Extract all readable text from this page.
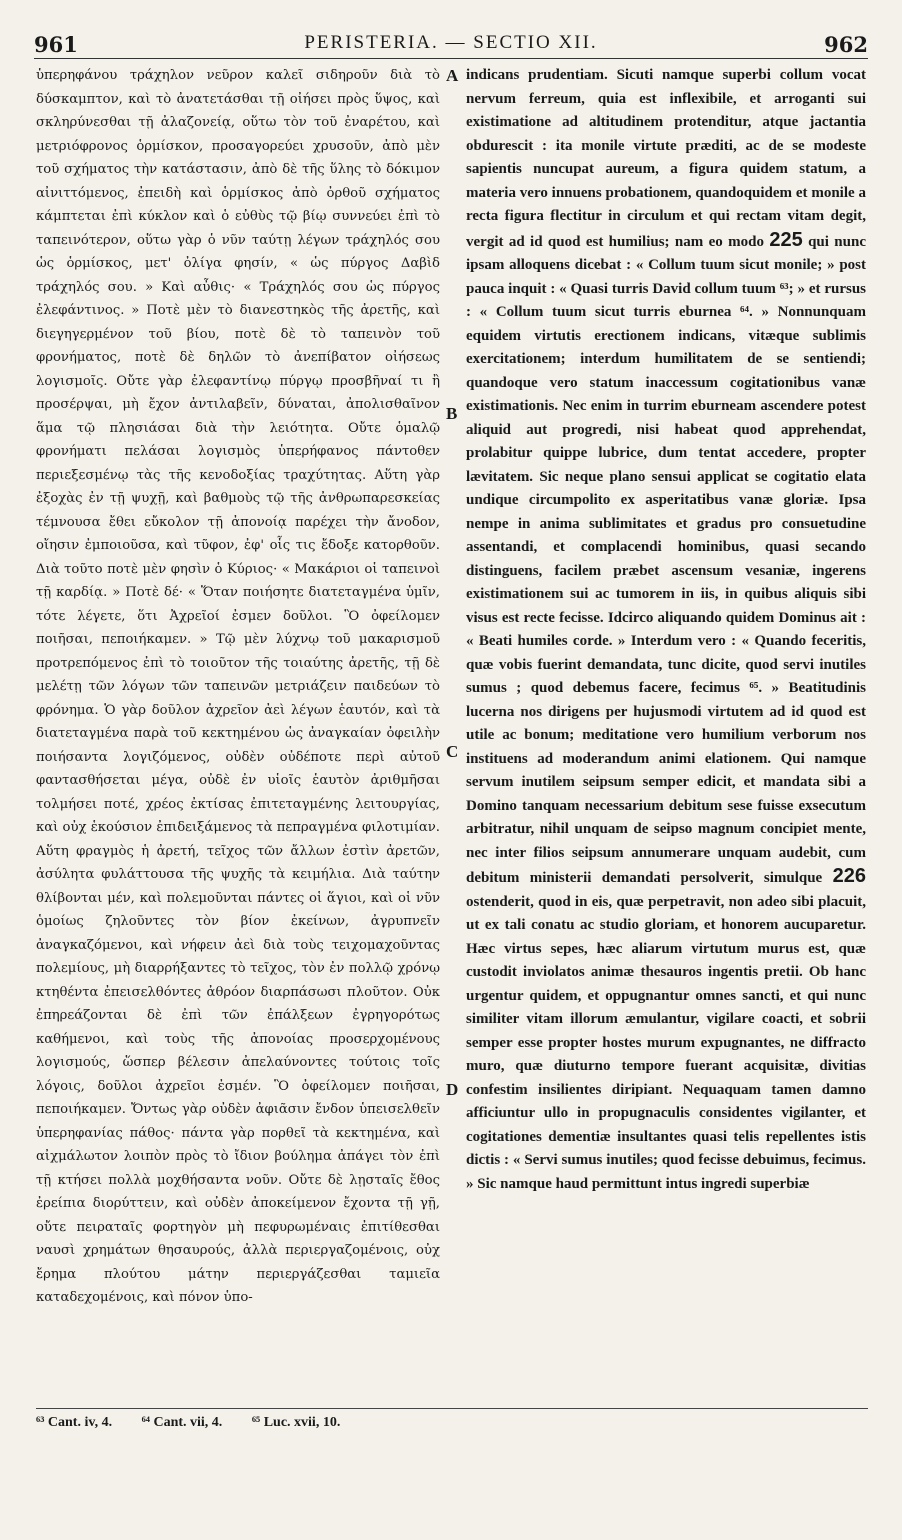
961	PERISTERIA. — SECTIO XII.	962

ὑπερηφάνου τράχηλον νεῦρον καλεῖ σιδηροῦν διὰ τὸ δύσκαμπτον, καὶ τὸ ἀνατετάσθαι τῇ οἰήσει πρὸς ὕψος, καὶ σκληρύνεσθαι τῇ ἀλαζονείᾳ, οὕτω τὸν τοῦ ἐναρέτου, καὶ μετριόφρονος ὁρμίσκον, προσαγορεύει χρυσοῦν, ἀπὸ μὲν τοῦ σχήματος τὴν κατάστασιν, ἀπὸ δὲ τῆς ὕλης τὸ δόκιμον αἰνιττόμενος, ἐπειδὴ καὶ ὁρμίσκος ἀπὸ ὀρθοῦ σχήματος κάμπτεται ἐπὶ κύκλον καὶ ὁ εὐθὺς τῷ βίῳ συννεύει ἐπὶ τὸ ταπεινότερον, οὕτω γὰρ ὁ νῦν ταύτῃ λέγων τράχηλός σου ὡς ὁρμίσκος, μετ' ὀλίγα φησίν, « ὡς πύργος Δαβὶδ τράχηλός σου. » Καὶ αὖθις· « Τράχηλός σου ὡς πύργος ἐλεφάντινος. » Ποτὲ μὲν τὸ διανεστηκὸς τῆς ἀρετῆς, καὶ διεγηγερμένον τοῦ βίου, ποτὲ δὲ τὸ ταπεινὸν τοῦ φρονήματος, ποτὲ δὲ δηλῶν τὸ ἀνεπίβατον οἰήσεως λογισμοῖς. Οὔτε γὰρ ἐλεφαντίνῳ πύργῳ προσβῆναί τι ἢ προσέρψαι, μὴ ἔχον ἀντιλαβεῖν, δύναται, ἀπολισθαῖνον ἅμα τῷ πλησιάσαι διὰ τὴν λειότητα. Οὔτε ὁμαλῷ φρονήματι πελάσαι λογισμὸς ὑπερήφανος πάντοθεν περιεξεσμένῳ τὰς τῆς κενοδοξίας τραχύτητας. Αὕτη γὰρ ἐξοχὰς ἐν τῇ ψυχῇ, καὶ βαθμοὺς τῷ τῆς ἀνθρωπαρεσκείας τέμνουσα ἔθει εὔκολον τῇ ἀπονοίᾳ παρέχει τὴν ἄνοδον, οἴησιν ἐμποιοῦσα, καὶ τῦφον, ἐφ' οἷς τις ἔδοξε κατορθοῦν. Διὰ τοῦτο ποτὲ μὲν φησὶν ὁ Κύριος· « Μακάριοι οἱ ταπεινοὶ τῇ καρδίᾳ. » Ποτὲ δέ· « Ὅταν ποιήσητε διατεταγμένα ὑμῖν, τότε λέγετε, ὅτι Ἀχρεῖοί ἐσμεν δοῦλοι. Ὃ ὀφείλομεν ποιῆσαι, πεποιήκαμεν. » Τῷ μὲν λύχνῳ τοῦ μακαρισμοῦ προτρεπόμενος ἐπὶ τὸ τοιοῦτον τῆς τοιαύτης ἀρετῆς, τῇ δὲ μελέτῃ τῶν λόγων τῶν ταπεινῶν μετριάζειν παιδεύων τὸ φρόνημα. Ὁ γὰρ δοῦλον ἀχρεῖον ἀεὶ λέγων ἑαυτόν, καὶ τὰ διατεταγμένα παρὰ τοῦ κεκτημένου ὡς ἀναγκαίαν ὀφειλὴν ποιήσαντα λογιζόμενος, οὐδὲν οὐδέποτε περὶ αὐτοῦ φαντασθήσεται μέγα, οὐδὲ ἐν υἱοῖς ἑαυτὸν ἀριθμῆσαι τολμήσει ποτέ, χρέος ἐκτίσας ἐπιτεταγμένης λειτουργίας, καὶ οὐχ ἑκούσιον ἐπιδειξάμενος τὰ πεπραγμένα φιλοτιμίαν. Αὕτη φραγμὸς ἡ ἀρετή, τεῖχος τῶν ἄλλων ἐστὶν ἀρετῶν, ἀσύλητα φυλάττουσα τῆς ψυχῆς τὰ κειμήλια. Διὰ ταύτην θλίβονται μέν, καὶ πολεμοῦνται πάντες οἱ ἅγιοι, καὶ οἱ νῦν ὁμοίως ζηλοῦντες τὸν βίον ἐκείνων, ἀγρυπνεῖν ἀναγκαζόμενοι, καὶ νήφειν ἀεὶ διὰ τοὺς τειχομαχοῦντας πολεμίους, μὴ διαρρήξαντες τὸ τεῖχος, τὸν ἐν πολλῷ χρόνῳ κτηθέντα ἐπεισελθόντες ἀθρόον διαρπάσωσι πλοῦτον. Οὐκ ἐπηρεάζονται δὲ ἐπὶ τῶν ἐπάλξεων ἐγρηγορότως καθήμενοι, καὶ τοὺς τῆς ἀπονοίας προσερχομένους λογισμούς, ὥσπερ βέλεσιν ἀπελαύνοντες τούτοις τοῖς λόγοις, δοῦλοι ἀχρεῖοι ἐσμέν. Ὃ ὀφείλομεν ποιῆσαι, πεποιήκαμεν. Ὄντως γὰρ οὐδὲν ἀφιᾶσιν ἔνδον ὑπεισελθεῖν ὑπερηφανίας πάθος· πάντα γὰρ πορθεῖ τὰ κεκτημένα, καὶ αἰχμάλωτον λοιπὸν πρὸς τὸ ἴδιον βούλημα ἀπάγει τὸν ἐπὶ τῇ κτήσει πολλὰ μοχθήσαντα νοῦν. Οὔτε δὲ λῃσταῖς ἔθος ἐρείπια διορύττειν, καὶ οὐδὲν ἀποκείμενον ἔχοντα τῇ γῇ, οὔτε πειραταῖς φορτηγὸν μὴ πεφυρωμέναις ἐπιτίθεσθαι ναυσὶ χρημάτων θησαυρούς, ἀλλὰ περιεργαζομένοις, οὐχ ἔρημα πλούτου μάτην περιεργάζεσθαι ταμιεῖα καταδεχομένοις, καὶ πόνον ὑπο-

A
B
C
D

indicans prudentiam. Sicuti namque superbi collum vocat nervum ferreum, quia est inflexibile, et arroganti sui existimatione ad altitudinem protenditur, atque jactantia obdurescit : ita monile virtute præditi, ac de se modeste sapientis nuncupat aureum, a figura quidem statum, a materia vero innuens probationem, quandoquidem et monile a recta figura flectitur in circulum et qui rectam vitam degit, vergit ad id quod est humilius; nam eo modo 225 qui nunc ipsam alloquens dicebat : « Collum tuum sicut monile; » post pauca inquit : « Quasi turris David collum tuum ⁶³; » et rursus : « Collum tuum sicut turris eburnea ⁶⁴. » Nonnunquam equidem virtutis erectionem indicans, vitæque sublimis exercitationem; interdum humilitatem de se sentiendi; quandoque vero statum inaccessum cogitationibus vanæ existimationis. Nec enim in turrim eburneam ascendere potest aliquid aut progredi, nisi habeat quod apprehendat, prolabitur quippe lubrice, dum tentat accedere, propter lævitatem. Sic neque plano sensui applicat se cogitatio elata undique circumpolito ex asperitatibus vanæ gloriæ. Ipsa nempe in anima sublimitates et gradus pro consuetudine assentandi, et complacendi hominibus, quasi secando distinguens, facilem præbet ascensum vesaniæ, ingerens existimationem sui ac tumorem in iis, in quibus aliquis sibi visus est recte fecisse. Idcirco aliquando quidem Dominus ait : « Beati humiles corde. » Interdum vero : « Quando feceritis, quæ vobis fuerint demandata, tunc dicite, quod servi inutiles sumus ; quod debemus facere, fecimus ⁶⁵. » Beatitudinis lucerna nos dirigens per hujusmodi virtutem ad id quod est utile ac bonum; meditatione vero humilium verborum nos instituens ad moderandum animi elationem. Qui namque servum inutilem seipsum semper edicit, et mandata sibi a Domino tanquam necessarium debitum sese fuisse exsecutum arbitratur, nihil unquam de seipso magnum concipiet mente, nec inter filios seipsum annumerare unquam audebit, cum debitum ministerii demandati persolverit, simulque 226 ostenderit, quod in eis, quæ perpetravit, non adeo sibi placuit, ut ex tali conatu ac studio gloriam, et honorem aucuparetur. Hæc virtus sepes, hæc aliarum virtutum murus est, quæ custodit inviolatos animæ thesauros ingentis pretii. Ob hanc urgentur quidem, et oppugnantur omnes sancti, et qui nunc similiter vitam illorum æmulantur, vigilare coacti, et sobrii semper esse propter hostes murum expugnantes, ne diffracto muro, quæ diuturno tempore fuerant acquisitæ, divitias confestim insilientes diripiant. Nequaquam tamen damno afficiuntur ullo in propugnaculis considentes vigilanter, et cogitationes dementiæ insultantes quasi telis repellentes istis dictis : « Servi sumus inutiles; quod fecisse debuimus, fecimus. » Sic namque haud permittunt intus ingredi superbiæ

⁶³ Cant. iv, 4. ⁶⁴ Cant. vii, 4. ⁶⁵ Luc. xvii, 10.
